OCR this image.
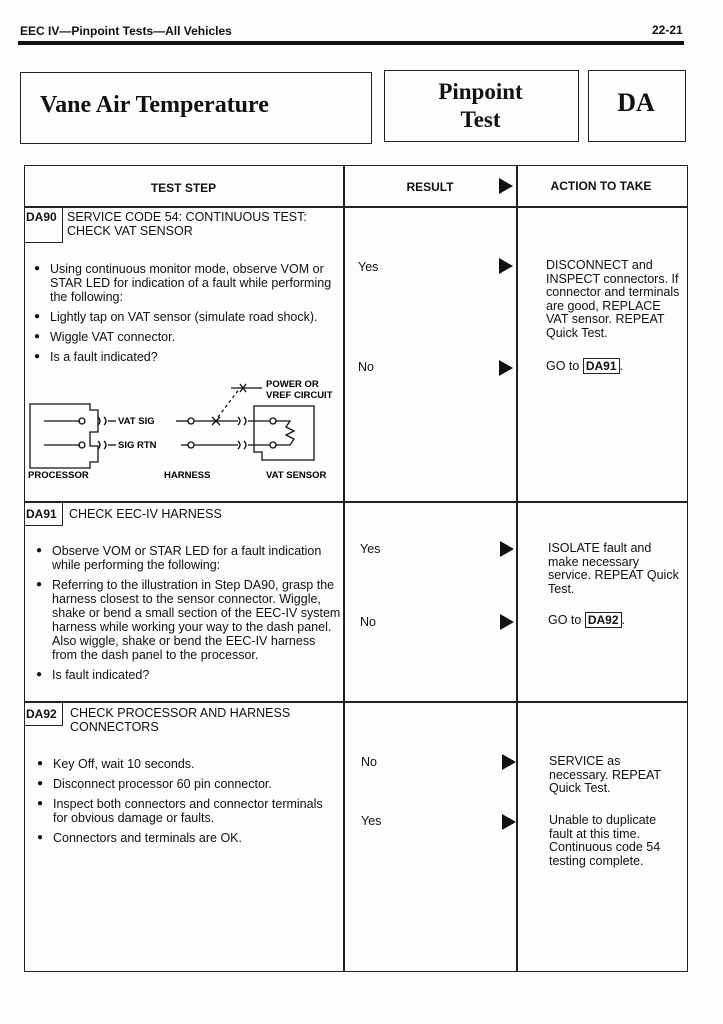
EEC IV—Pinpoint Tests—All Vehicles	22-21
Vane Air Temperature
Pinpoint
Test
DA
TEST STEP	RESULT	ACTION TO TAKE
DA90 SERVICE CODE 54: CONTINUOUS TEST:
CHECK VAT SENSOR
● Using continuous monitor mode, observe VOM or STAR LED for indication of a fault while performing the following:
● Lightly tap on VAT sensor (simulate road shock).
● Wiggle VAT connector.
● Is a fault indicated?
POWER OR
VREF CIRCUIT
VAT SIG
SIG RTN
PROCESSOR	HARNESS	VAT SENSOR
Yes	DISCONNECT and INSPECT connectors. If connector and terminals are good, REPLACE VAT sensor. REPEAT Quick Test.
No	GO to DA91 .
DA91 CHECK EEC-IV HARNESS
● Observe VOM or STAR LED for a fault indication while performing the following:
● Referring to the illustration in Step DA90, grasp the harness closest to the sensor connector. Wiggle, shake or bend a small section of the EEC-IV system harness while working your way to the dash panel. Also wiggle, shake or bend the EEC-IV harness from the dash panel to the processor.
● Is fault indicated?
Yes	ISOLATE fault and make necessary service. REPEAT Quick Test.
No	GO to DA92 .
DA92 CHECK PROCESSOR AND HARNESS
CONNECTORS
● Key Off, wait 10 seconds.
● Disconnect processor 60 pin connector.
● Inspect both connectors and connector terminals for obvious damage or faults.
● Connectors and terminals are OK.
No	SERVICE as necessary. REPEAT Quick Test.
Yes	Unable to duplicate fault at this time. Continuous code 54 testing complete.
